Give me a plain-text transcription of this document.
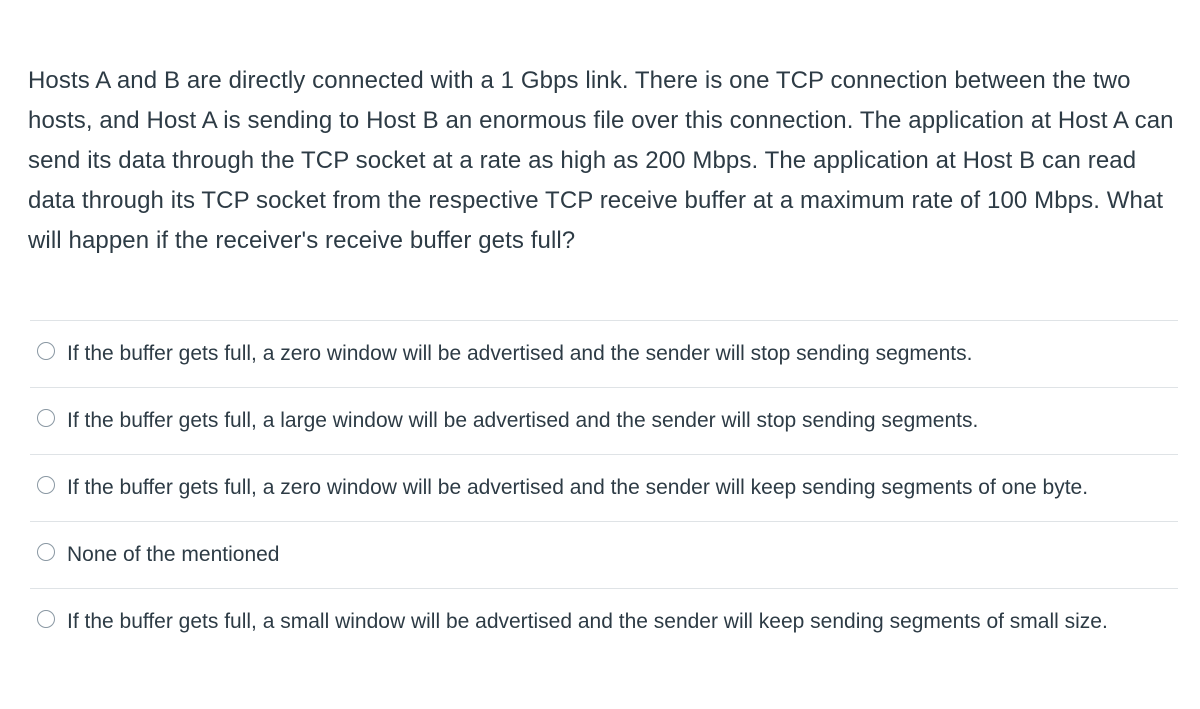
Hosts A and B are directly connected with a 1 Gbps link. There is one TCP connection between the two hosts, and Host A is sending to Host B an enormous file over this connection. The application at Host A can send its data through the TCP socket at a rate as high as 200 Mbps. The application at Host B can read data through its TCP socket from the respective TCP receive buffer at a maximum rate of 100 Mbps. What will happen if the receiver's receive buffer gets full?
If the buffer gets full, a zero window will be advertised and the sender will stop sending segments.
If the buffer gets full, a large window will be advertised and the sender will stop sending segments.
If the buffer gets full, a zero window will be advertised and the sender will keep sending segments of one byte.
None of the mentioned
If the buffer gets full, a small window will be advertised and the sender will keep sending segments of small size.
